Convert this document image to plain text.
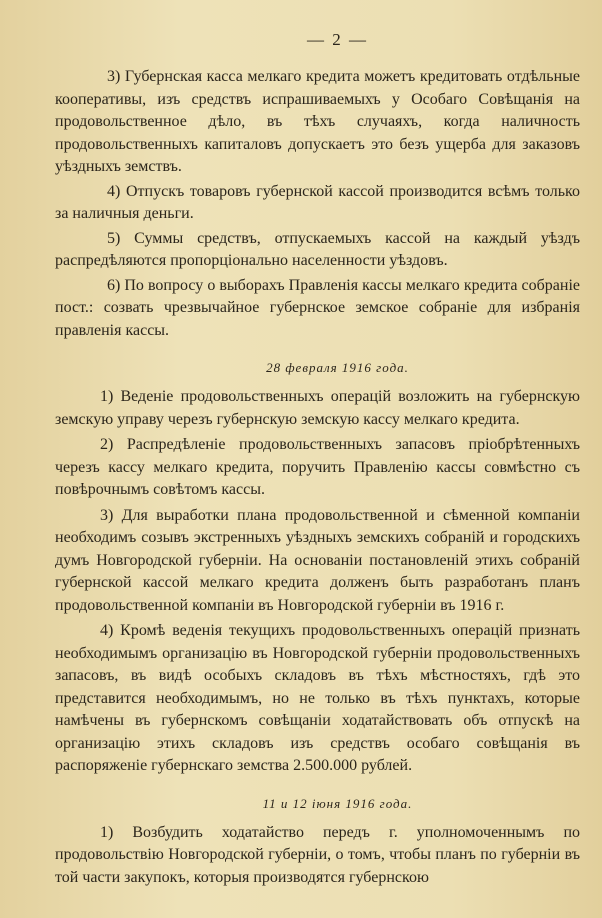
— 2 —

3) Губернская касса мелкаго кредита можетъ кредитовать отдѣльные кооперативы, изъ средствъ испрашиваемыхъ у Особаго Совѣщанія на продовольственное дѣло, въ тѣхъ случаяхъ, когда наличность продовольственныхъ капиталовъ допускаетъ это безъ ущерба для заказовъ уѣздныхъ земствъ.

4) Отпускъ товаровъ губернской кассой производится всѣмъ только за наличныя деньги.

5) Суммы средствъ, отпускаемыхъ кассой на каждый уѣздъ распредѣляются пропорціонально населенности уѣздовъ.

6) По вопросу о выборахъ Правленія кассы мелкаго кредита собраніе пост.: созвать чрезвычайное губернское земское собраніе для избранія правленія кассы.

28 февраля 1916 года.

1) Веденіе продовольственныхъ операцій возложить на губернскую земскую управу черезъ губернскую земскую кассу мелкаго кредита.

2) Распредѣленіе продовольственныхъ запасовъ пріобрѣтенныхъ черезъ кассу мелкаго кредита, поручить Правленію кассы совмѣстно съ повѣрочнымъ совѣтомъ кассы.

3) Для выработки плана продовольственной и сѣменной компаніи необходимъ созывъ экстренныхъ уѣздныхъ земскихъ собраній и городскихъ думъ Новгородской губерніи. На основаніи постановленій этихъ собраній губернской кассой мелкаго кредита долженъ быть разработанъ планъ продовольственной компаніи въ Новгородской губерніи въ 1916 г.

4) Кромѣ веденія текущихъ продовольственныхъ операцій признать необходимымъ организацію въ Новгородской губерніи продовольственныхъ запасовъ, въ видѣ особыхъ складовъ въ тѣхъ мѣстностяхъ, гдѣ это представится необходимымъ, но не только въ тѣхъ пунктахъ, которые намѣчены въ губернскомъ совѣщаніи ходатайствовать объ отпускѣ на организацію этихъ складовъ изъ средствъ особаго совѣщанія въ распоряженіе губернскаго земства 2.500.000 рублей.

11 и 12 іюня 1916 года.

1) Возбудить ходатайство передъ г. уполномоченнымъ по продовольствію Новгородской губерніи, о томъ, чтобы планъ по губерніи въ той части закупокъ, которыя производятся губернскою
